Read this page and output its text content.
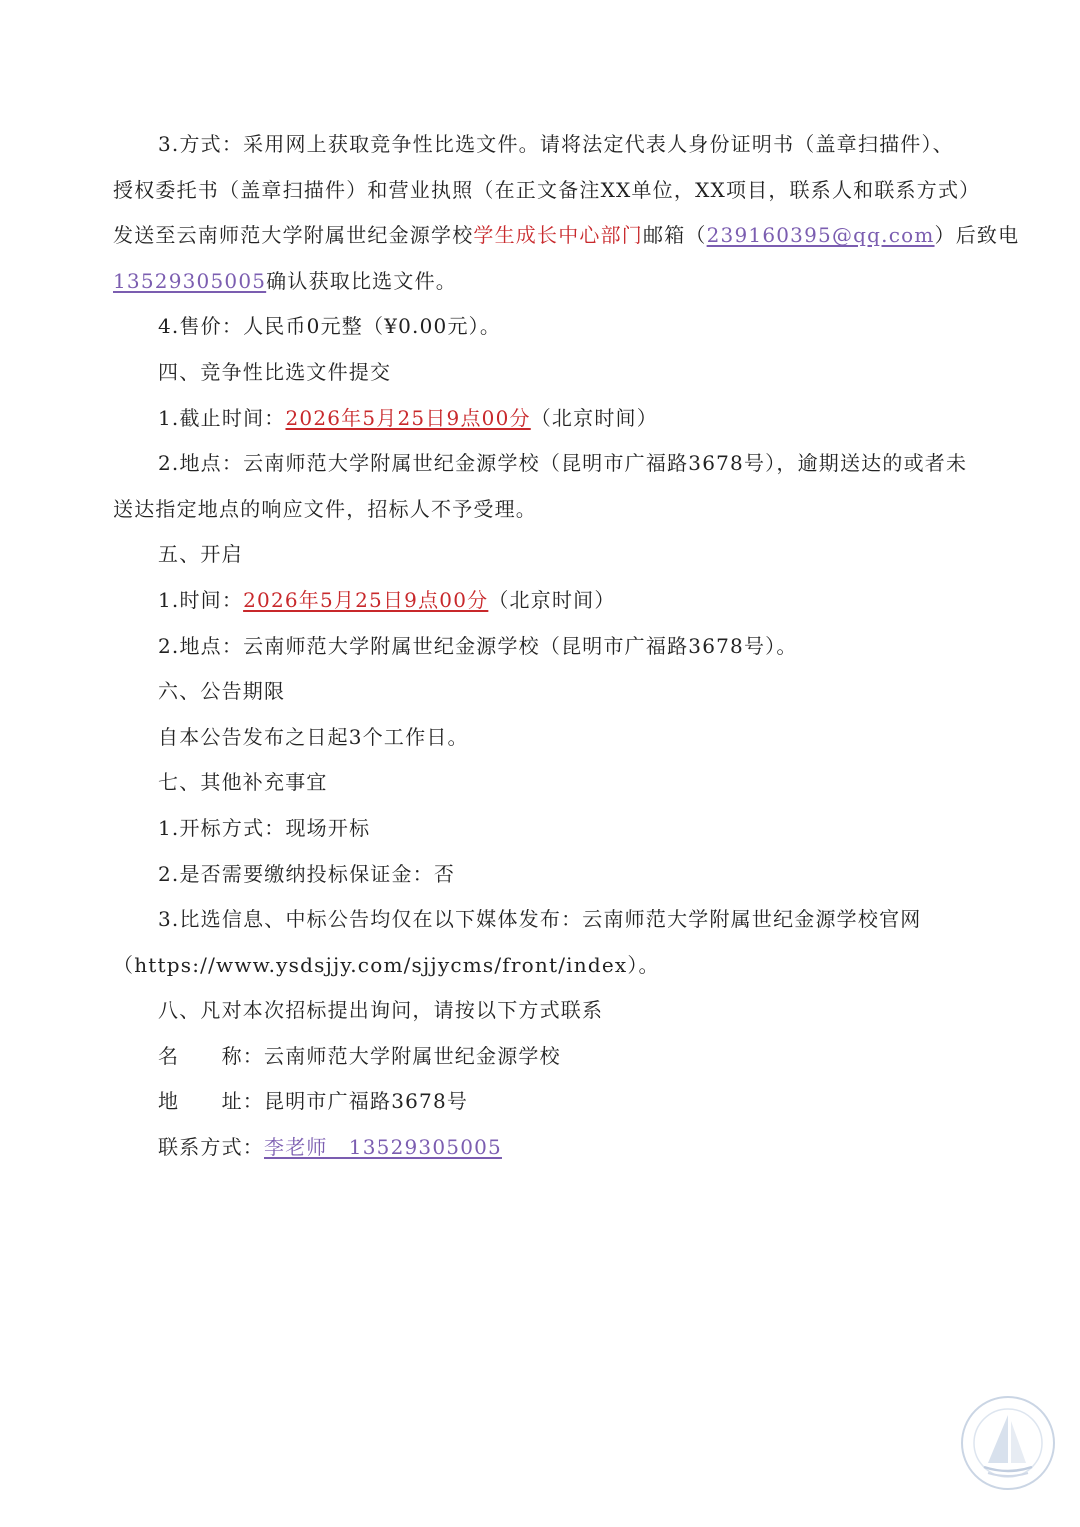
3.方式：采用网上获取竞争性比选文件。请将法定代表人身份证明书（盖章扫描件）、
授权委托书（盖章扫描件）和营业执照（在正文备注XX单位，XX项目，联系人和联系方式）
发送至云南师范大学附属世纪金源学校学生成长中心部门邮箱（239160395@qq.com）后致电
13529305005确认获取比选文件。
4.售价：人民币0元整（¥0.00元）。
四、竞争性比选文件提交
1.截止时间：2026年5月25日9点00分（北京时间）
2.地点：云南师范大学附属世纪金源学校（昆明市广福路3678号），逾期送达的或者未
送达指定地点的响应文件，招标人不予受理。
五、开启
1.时间：2026年5月25日9点00分（北京时间）
2.地点：云南师范大学附属世纪金源学校（昆明市广福路3678号）。
六、公告期限
自本公告发布之日起3个工作日。
七、其他补充事宜
1.开标方式：现场开标
2.是否需要缴纳投标保证金：否
3.比选信息、中标公告均仅在以下媒体发布：云南师范大学附属世纪金源学校官网
（https://www.ysdsjjy.com/sjjycms/front/index）。
八、凡对本次招标提出询问，请按以下方式联系
名　　称：云南师范大学附属世纪金源学校
地　　址：昆明市广福路3678号
联系方式：李老师　13529305005
